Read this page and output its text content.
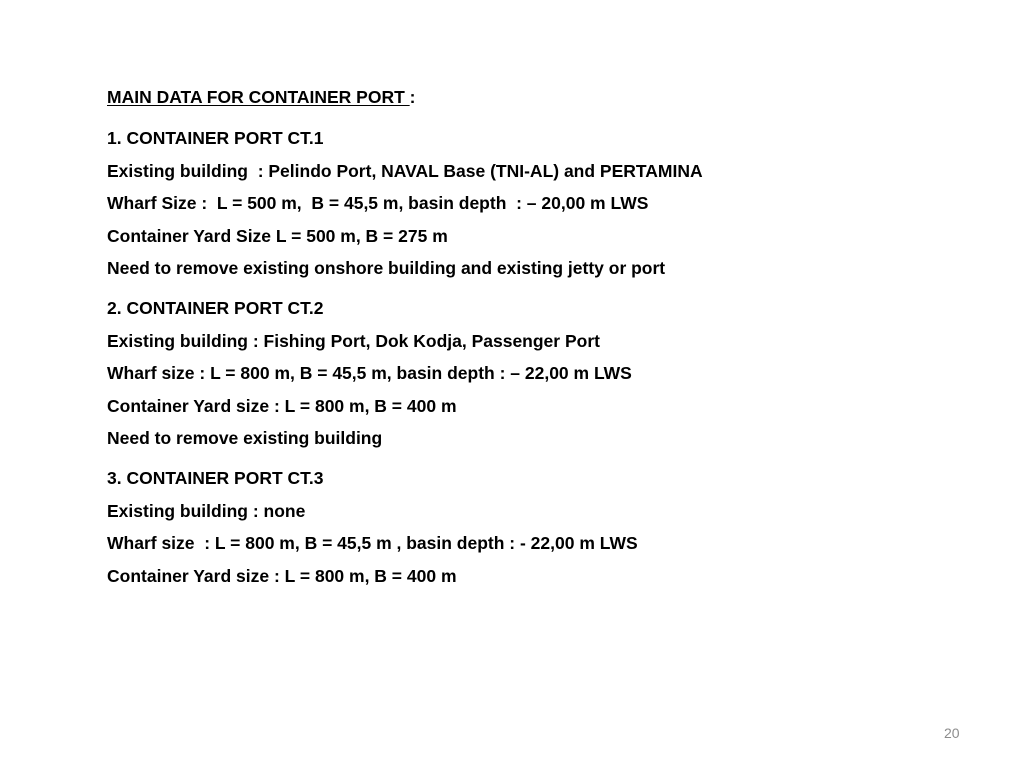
MAIN DATA FOR CONTAINER PORT :
1. CONTAINER PORT CT.1
Existing building  : Pelindo Port, NAVAL Base (TNI-AL) and PERTAMINA
Wharf Size :  L = 500 m,  B = 45,5 m, basin depth  : – 20,00 m LWS
Container Yard Size L = 500 m, B = 275 m
Need to remove existing onshore building and existing jetty or port
2. CONTAINER PORT CT.2
Existing building : Fishing Port, Dok Kodja, Passenger Port
Wharf size : L = 800 m, B = 45,5 m, basin depth : – 22,00 m LWS
Container Yard size : L = 800 m, B = 400 m
Need to remove existing building
3. CONTAINER PORT CT.3
Existing building : none
Wharf size  : L = 800 m, B = 45,5 m , basin depth : - 22,00 m LWS
Container Yard size : L = 800 m, B = 400 m
20
